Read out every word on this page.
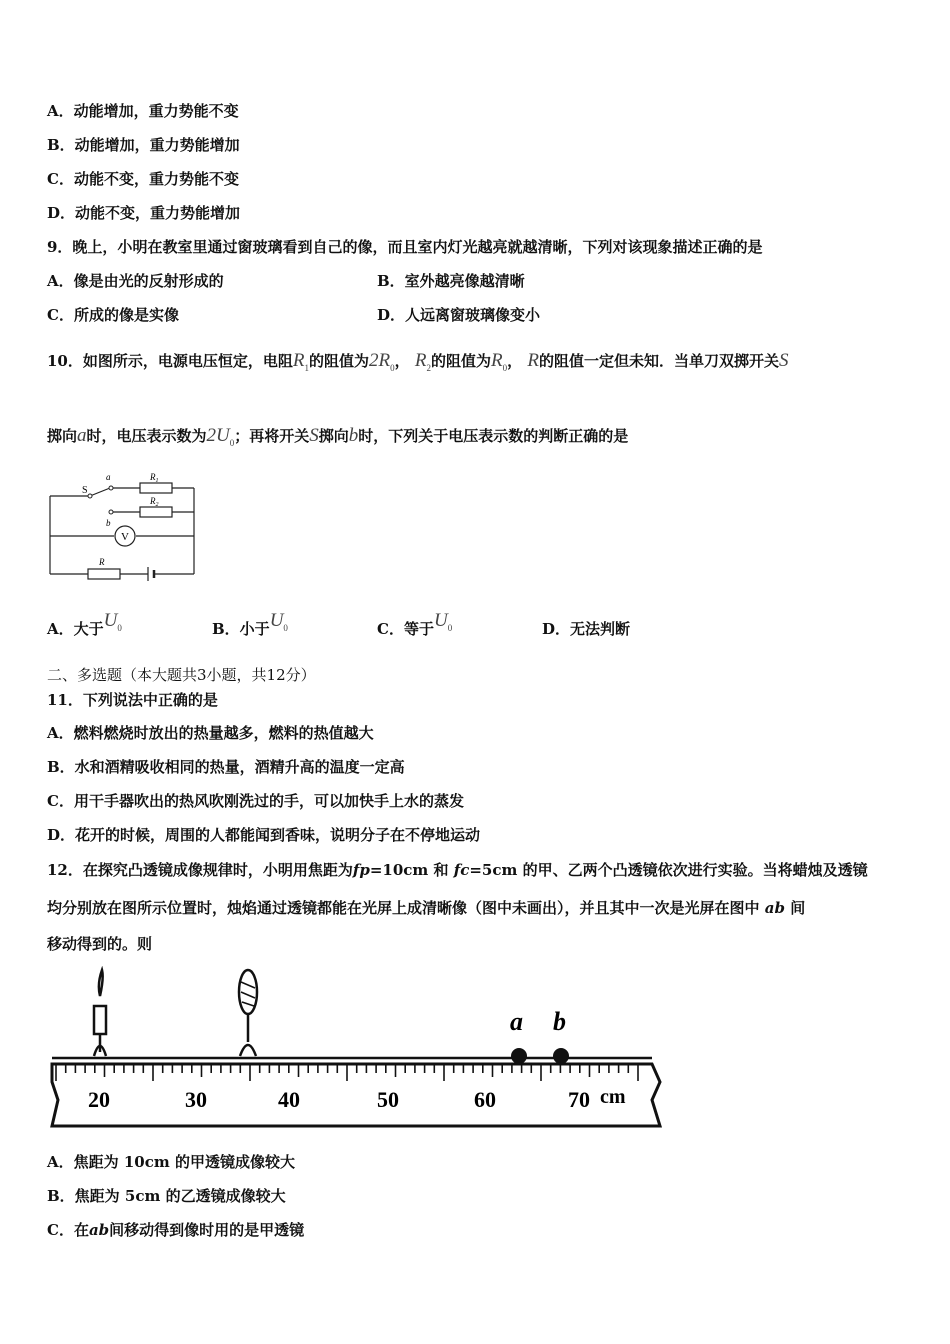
A．动能增加，重力势能不变
B．动能增加，重力势能增加
C．动能不变，重力势能不变
D．动能不变，重力势能增加
9．晚上，小明在教室里通过窗玻璃看到自己的像，而且室内灯光越亮就越清晰，下列对该现象描述正确的是
A．像是由光的反射形成的	B．室外越亮像越清晰
C．所成的像是实像	D．人远离窗玻璃像变小
10．如图所示，电源电压恒定，电阻$R_1$的阻值为$2R_0$， $R_2$的阻值为$R_0$， R的阻值一定但未知．当单刀双掷开关S
掷向a时，电压表示数为$2U_0$；再将开关S掷向b时，下列关于电压表示数的判断正确的是
S
a
b
$R_1$
$R_2$
V
R
A．大于$U_0$	B．小于$U_0$	C．等于$U_0$	D．无法判断
二、多选题（本大题共3小题，共12分）
11．下列说法中正确的是
A．燃料燃烧时放出的热量越多，燃料的热值越大
B．水和酒精吸收相同的热量，酒精升高的温度一定高
C．用干手器吹出的热风吹刚洗过的手，可以加快手上水的蒸发
D．花开的时候，周围的人都能闻到香味，说明分子在不停地运动
12．在探究凸透镜成像规律时，小明用焦距为fp=10cm 和 fc=5cm 的甲、乙两个凸透镜依次进行实验。当将蜡烛及透镜
均分别放在图所示位置时，烛焰通过透镜都能在光屏上成清晰像（图中未画出），并且其中一次是光屏在图中 ab 间
移动得到的。则
a b
20	30	40	50	60	70 cm
A．焦距为 10cm 的甲透镜成像较大
B．焦距为 5cm 的乙透镜成像较大
C．在ab间移动得到像时用的是甲透镜
